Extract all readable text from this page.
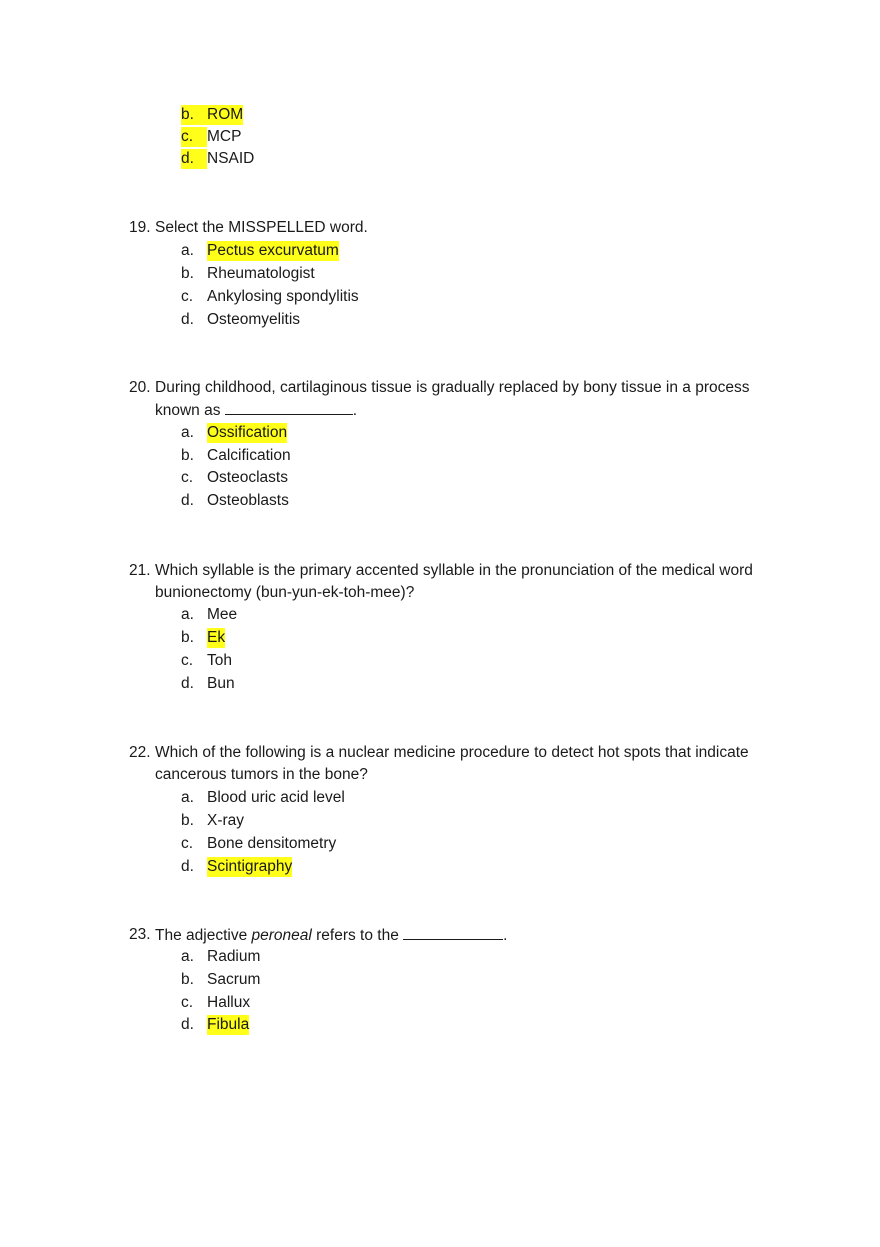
b. ROM
c. MCP
d. NSAID
19. Select the MISSPELLED word.
a. Pectus excurvatum
b. Rheumatologist
c. Ankylosing spondylitis
d. Osteomyelitis
20. During childhood, cartilaginous tissue is gradually replaced by bony tissue in a process
known as	.
a. Ossification
b. Calcification
c. Osteoclasts
d. Osteoblasts
21. Which syllable is the primary accented syllable in the pronunciation of the medical word
bunionectomy (bun-yun-ek-toh-mee)?
a. Mee
b. Ek
c. Toh
d. Bun
22. Which of the following is a nuclear medicine procedure to detect hot spots that indicate
cancerous tumors in the bone?
a. Blood uric acid level
b. X-ray
c. Bone densitometry
d. Scintigraphy
23. The adjective peroneal refers to the	.
a. Radium
b. Sacrum
c. Hallux
d. Fibula
